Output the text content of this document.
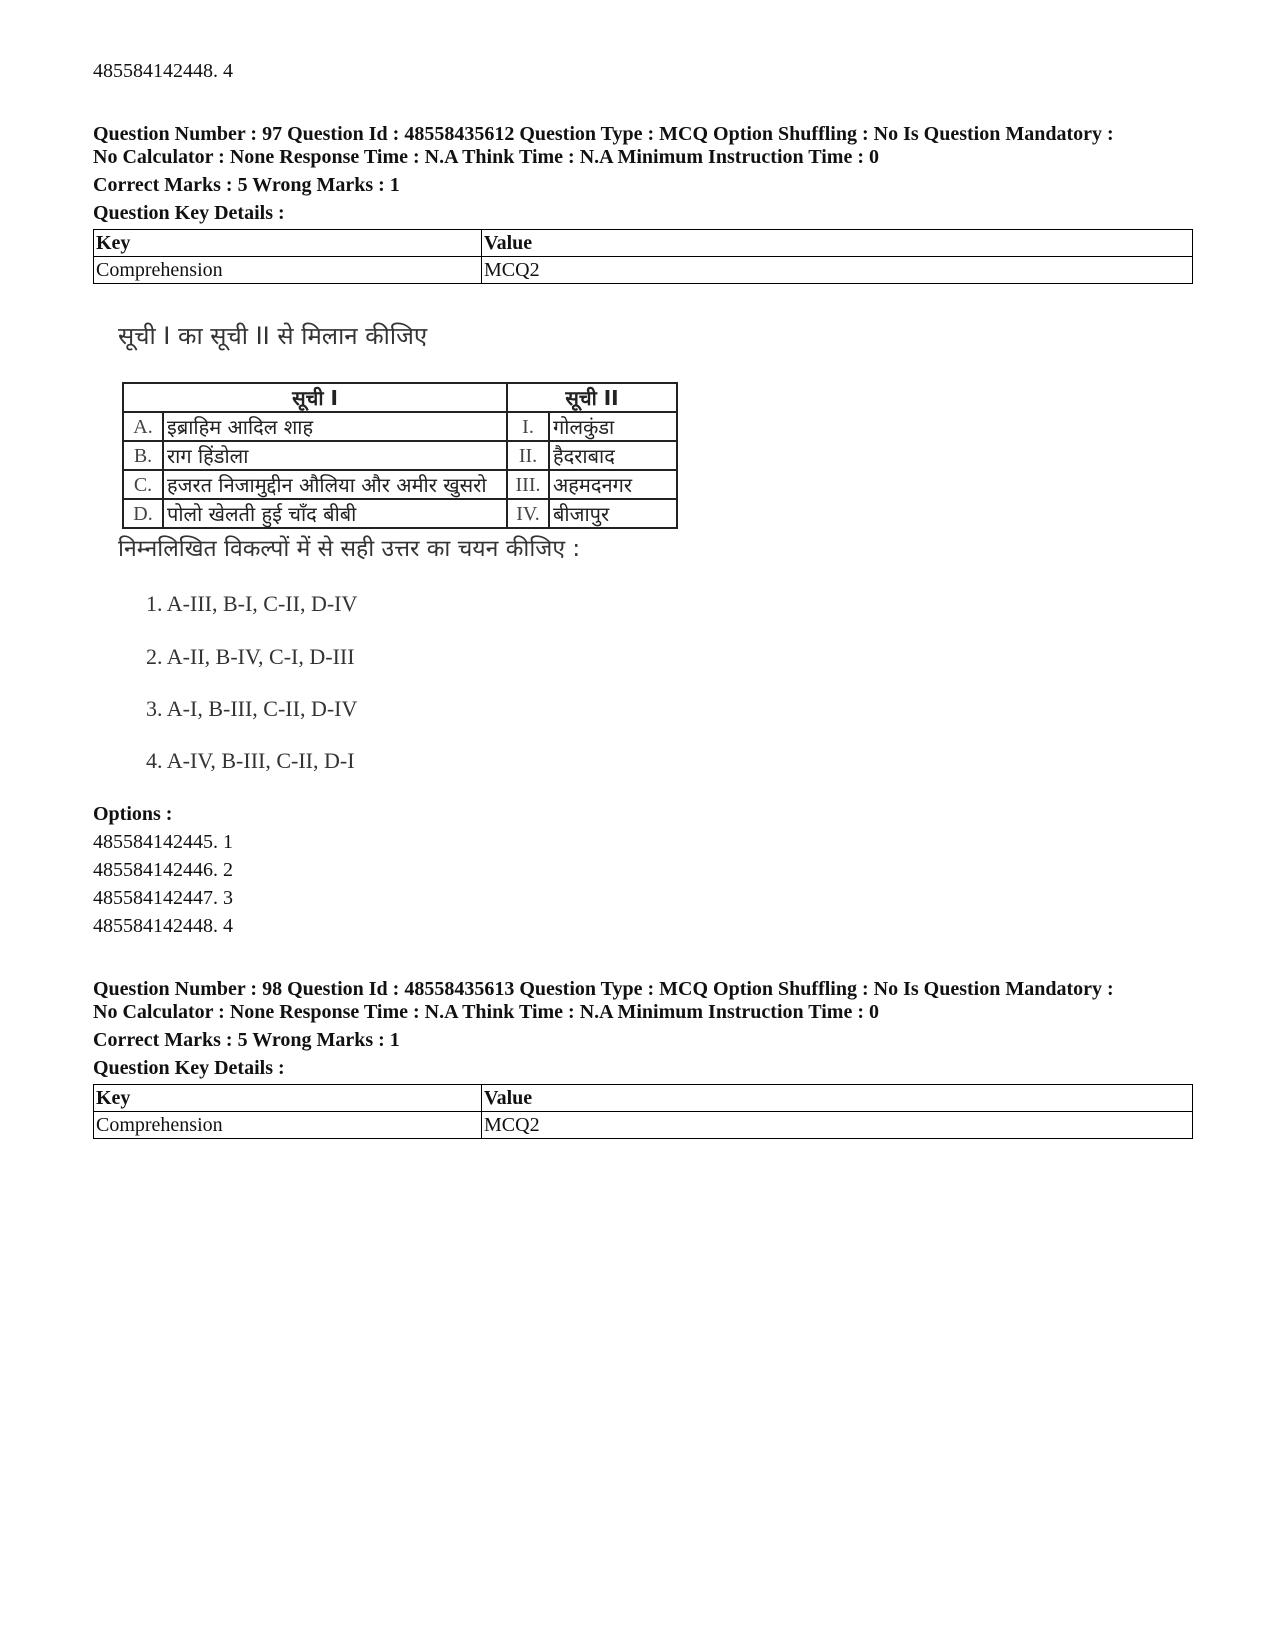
485584142448. 4
Question Number : 97 Question Id : 48558435612 Question Type : MCQ Option Shuffling : No Is Question Mandatory :
No Calculator : None Response Time : N.A Think Time : N.A Minimum Instruction Time : 0
Correct Marks : 5 Wrong Marks : 1
Question Key Details :
Key	Value
Comprehension	MCQ2
सूची I का सूची II से मिलान कीजिए
सूची I		सूची II	
A.	इब्राहिम आदिल शाह	I.	गोलकुंडा
B.	राग हिंडोला	II.	हैदराबाद
C.	हजरत निजामुद्दीन औलिया और अमीर खुसरो	III.	अहमदनगर
D.	पोलो खेलती हुई चाँद बीबी	IV.	बीजापुर
निम्नलिखित विकल्पों में से सही उत्तर का चयन कीजिए :
1. A-III, B-I, C-II, D-IV
2. A-II, B-IV, C-I, D-III
3. A-I, B-III, C-II, D-IV
4. A-IV, B-III, C-II, D-I
Options :
485584142445. 1
485584142446. 2
485584142447. 3
485584142448. 4
Question Number : 98 Question Id : 48558435613 Question Type : MCQ Option Shuffling : No Is Question Mandatory :
No Calculator : None Response Time : N.A Think Time : N.A Minimum Instruction Time : 0
Correct Marks : 5 Wrong Marks : 1
Question Key Details :
Key	Value
Comprehension	MCQ2
